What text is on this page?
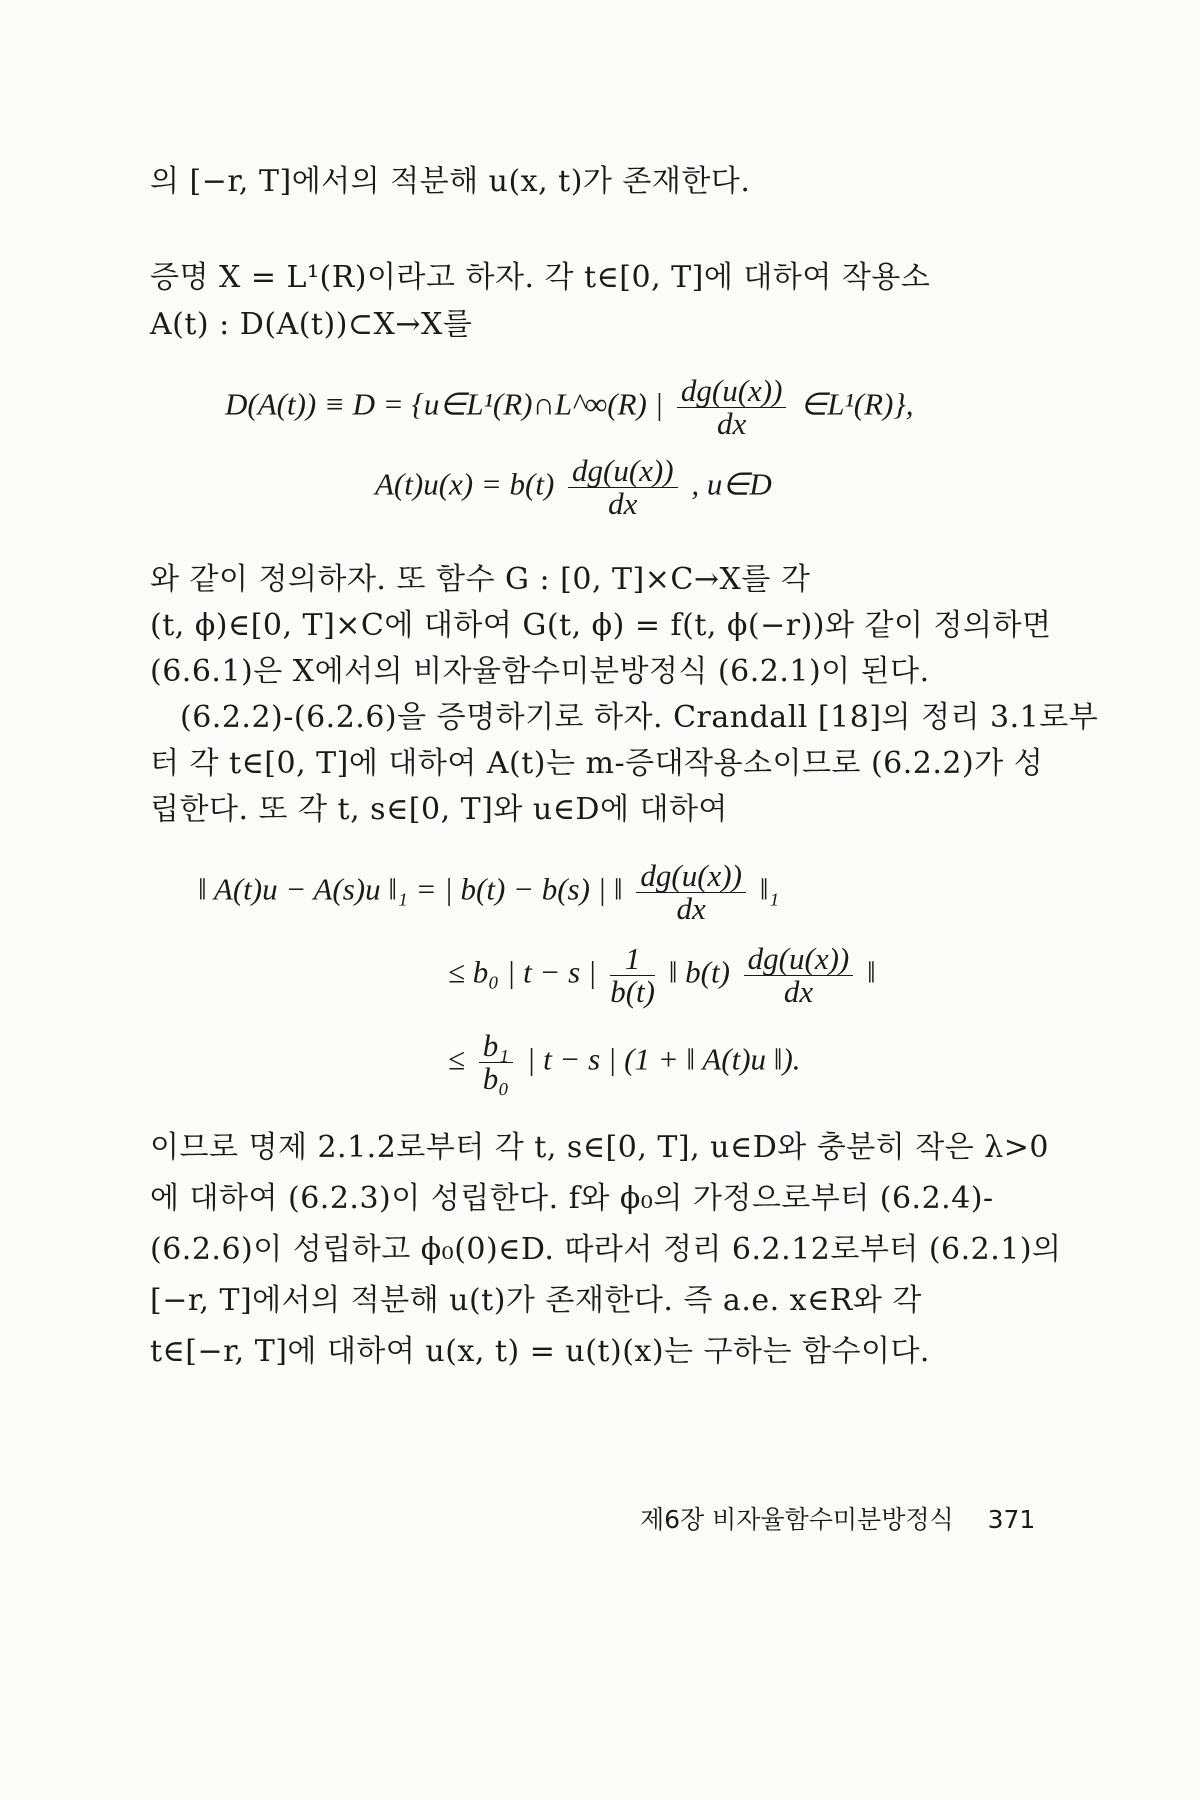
의 [−r, T]에서의 적분해 u(x, t)가 존재한다.
증명 X = L¹(R)이라고 하자. 각 t∈[0, T]에 대하여 작용소
A(t) : D(A(t))⊂X→X를
D(A(t)) ≡ D = {u∈L¹(R)∩L^∞(R) | $\frac{dg(u(x))}{dx}$ ∈L¹(R)},
$A(t)u(x) = b(t) \frac{dg(u(x))}{dx}$ , u∈D
와 같이 정의하자. 또 함수 G : [0, T]×C→X를 각
(t, ϕ)∈[0, T]×C에 대하여 G(t, ϕ) = f(t, ϕ(−r))와 같이 정의하면
(6.6.1)은 X에서의 비자율함수미분방정식 (6.2.1)이 된다.
(6.2.2)-(6.2.6)을 증명하기로 하자. Crandall [18]의 정리 3.1로부
터 각 t∈[0, T]에 대하여 A(t)는 m-증대작용소이므로 (6.2.2)가 성
립한다. 또 각 t, s∈[0, T]와 u∈D에 대하여
‖ A(t)u − A(s)u ‖₁ = | b(t) − b(s) | ‖ $\frac{dg(u(x))}{dx}$ ‖₁
≤ b₀ | t − s | $\frac{1}{b(t)}$ ‖ $b(t) \frac{dg(u(x))}{dx}$ ‖
≤ $\frac{\text{b₁}}{\text{b₀}}$ | t − s | (1 + ‖ A(t)u ‖).
이므로 명제 2.1.2로부터 각 t, s∈[0, T], u∈D와 충분히 작은 λ>0
에 대하여 (6.2.3)이 성립한다. f와 ϕ₀의 가정으로부터 (6.2.4)-
(6.2.6)이 성립하고 ϕ₀(0)∈D. 따라서 정리 6.2.12로부터 (6.2.1)의
[−r, T]에서의 적분해 u(t)가 존재한다. 즉 a.e. x∈R와 각
t∈[−r, T]에 대하여 u(x, t) = u(t)(x)는 구하는 함수이다.
제6장 비자율함수미분방정식 371
